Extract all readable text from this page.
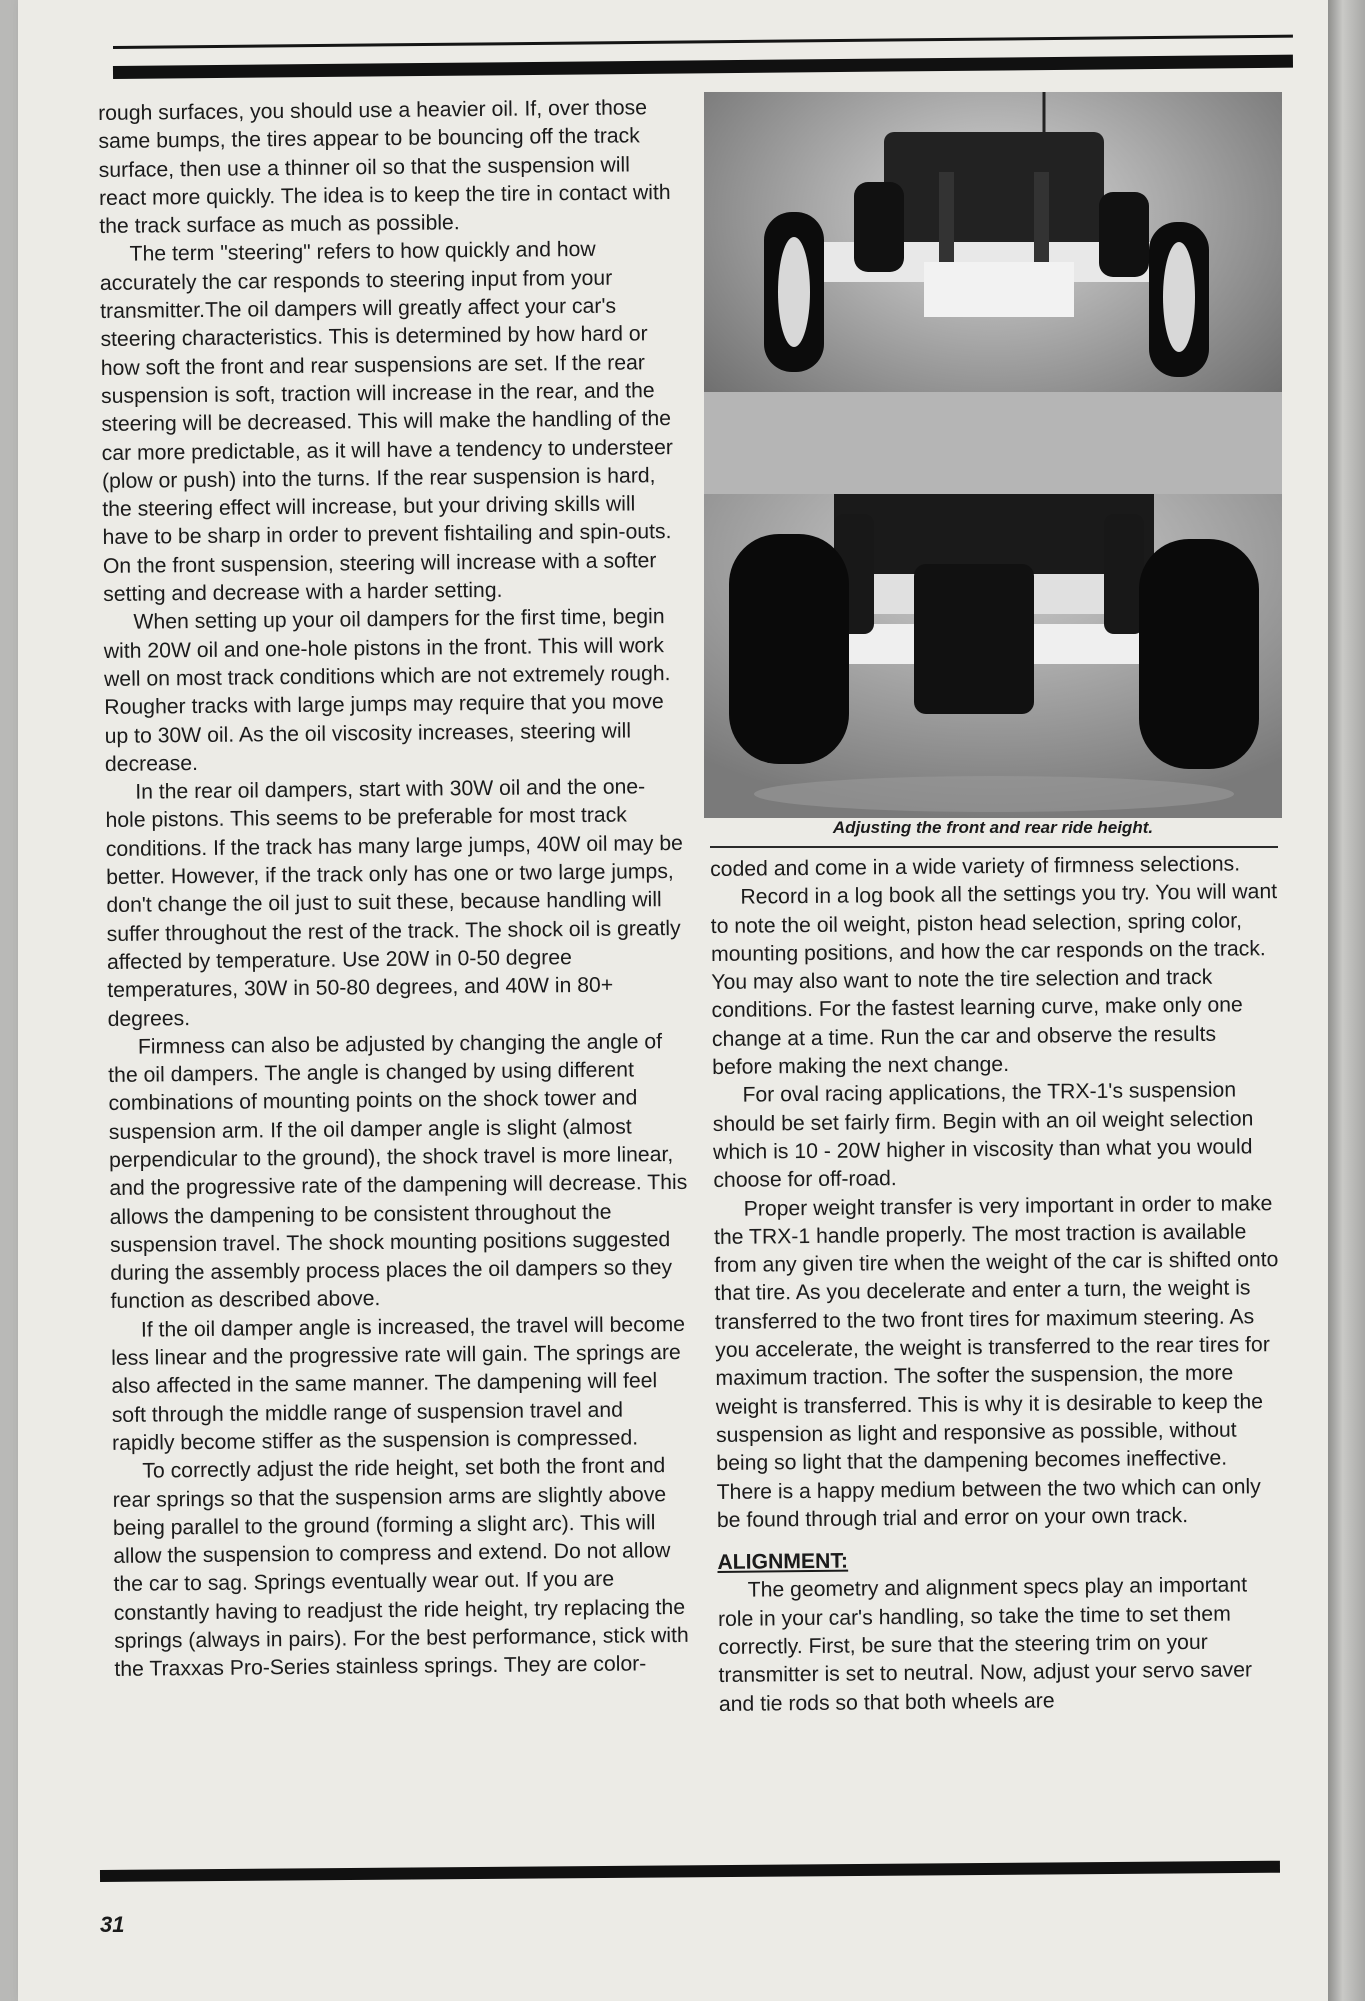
rough surfaces, you should use a heavier oil. If, over those same bumps, the tires appear to be bouncing off the track surface, then use a thinner oil so that the suspension will react more quickly. The idea is to keep the tire in contact with the track surface as much as possible.

The term "steering" refers to how quickly and how accurately the car responds to steering input from your transmitter.The oil dampers will greatly affect your car's steering characteristics. This is determined by how hard or how soft the front and rear suspensions are set. If the rear suspension is soft, traction will increase in the rear, and the steering will be decreased. This will make the handling of the car more predictable, as it will have a tendency to understeer (plow or push) into the turns. If the rear suspension is hard, the steering effect will increase, but your driving skills will have to be sharp in order to prevent fishtailing and spin-outs. On the front suspension, steering will increase with a softer setting and decrease with a harder setting.

When setting up your oil dampers for the first time, begin with 20W oil and one-hole pistons in the front. This will work well on most track conditions which are not extremely rough. Rougher tracks with large jumps may require that you move up to 30W oil. As the oil viscosity increases, steering will decrease.

In the rear oil dampers, start with 30W oil and the one-hole pistons. This seems to be preferable for most track conditions. If the track has many large jumps, 40W oil may be better. However, if the track only has one or two large jumps, don't change the oil just to suit these, because handling will suffer throughout the rest of the track. The shock oil is greatly affected by temperature. Use 20W in 0-50 degree temperatures, 30W in 50-80 degrees, and 40W in 80+ degrees.

Firmness can also be adjusted by changing the angle of the oil dampers. The angle is changed by using different combinations of mounting points on the shock tower and suspension arm. If the oil damper angle is slight (almost perpendicular to the ground), the shock travel is more linear, and the progressive rate of the dampening will decrease. This allows the dampening to be consistent throughout the suspension travel. The shock mounting positions suggested during the assembly process places the oil dampers so they function as described above.

If the oil damper angle is increased, the travel will become less linear and the progressive rate will gain. The springs are also affected in the same manner. The dampening will feel soft through the middle range of suspension travel and rapidly become stiffer as the suspension is compressed.

To correctly adjust the ride height, set both the front and rear springs so that the suspension arms are slightly above being parallel to the ground (forming a slight arc). This will allow the suspension to compress and extend. Do not allow the car to sag. Springs eventually wear out. If you are constantly having to readjust the ride height, try replacing the springs (always in pairs). For the best performance, stick with the Traxxas Pro-Series stainless springs. They are color-

Adjusting the front and rear ride height.

coded and come in a wide variety of firmness selections.

Record in a log book all the settings you try. You will want to note the oil weight, piston head selection, spring color, mounting positions, and how the car responds on the track. You may also want to note the tire selection and track conditions. For the fastest learning curve, make only one change at a time. Run the car and observe the results before making the next change.

For oval racing applications, the TRX-1's suspension should be set fairly firm. Begin with an oil weight selection which is 10 - 20W higher in viscosity than what you would choose for off-road.

Proper weight transfer is very important in order to make the TRX-1 handle properly. The most traction is available from any given tire when the weight of the car is shifted onto that tire. As you decelerate and enter a turn, the weight is transferred to the two front tires for maximum steering. As you accelerate, the weight is transferred to the rear tires for maximum traction. The softer the suspension, the more weight is transferred. This is why it is desirable to keep the suspension as light and responsive as possible, without being so light that the dampening becomes ineffective. There is a happy medium between the two which can only be found through trial and error on your own track.

ALIGNMENT:

The geometry and alignment specs play an important role in your car's handling, so take the time to set them correctly. First, be sure that the steering trim on your transmitter is set to neutral. Now, adjust your servo saver and tie rods so that both wheels are

31
